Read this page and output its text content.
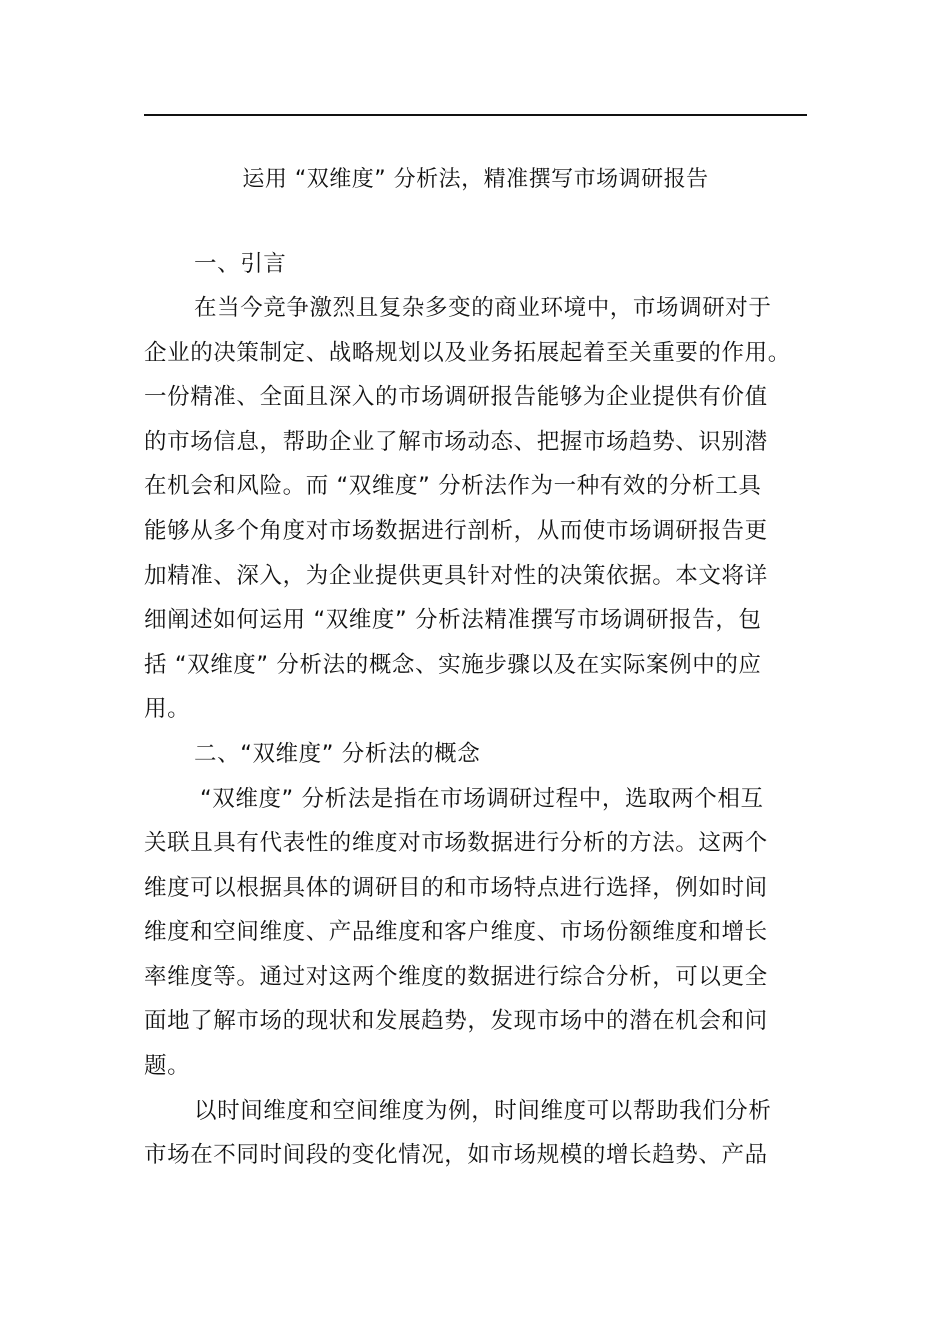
运用 “双维度” 分析法，精准撰写市场调研报告
一、引言
在当今竞争激烈且复杂多变的商业环境中，市场调研对于
企业的决策制定、战略规划以及业务拓展起着至关重要的作用。
一份精准、全面且深入的市场调研报告能够为企业提供有价值
的市场信息，帮助企业了解市场动态、把握市场趋势、识别潜
在机会和风险。而 “双维度” 分析法作为一种有效的分析工具
能够从多个角度对市场数据进行剖析，从而使市场调研报告更
加精准、深入，为企业提供更具针对性的决策依据。本文将详
细阐述如何运用 “双维度” 分析法精准撰写市场调研报告，包
括 “双维度” 分析法的概念、实施步骤以及在实际案例中的应
用。
二、“双维度” 分析法的概念
“双维度” 分析法是指在市场调研过程中，选取两个相互
关联且具有代表性的维度对市场数据进行分析的方法。这两个
维度可以根据具体的调研目的和市场特点进行选择，例如时间
维度和空间维度、产品维度和客户维度、市场份额维度和增长
率维度等。通过对这两个维度的数据进行综合分析，可以更全
面地了解市场的现状和发展趋势，发现市场中的潜在机会和问
题。
以时间维度和空间维度为例，时间维度可以帮助我们分析
市场在不同时间段的变化情况，如市场规模的增长趋势、产品
